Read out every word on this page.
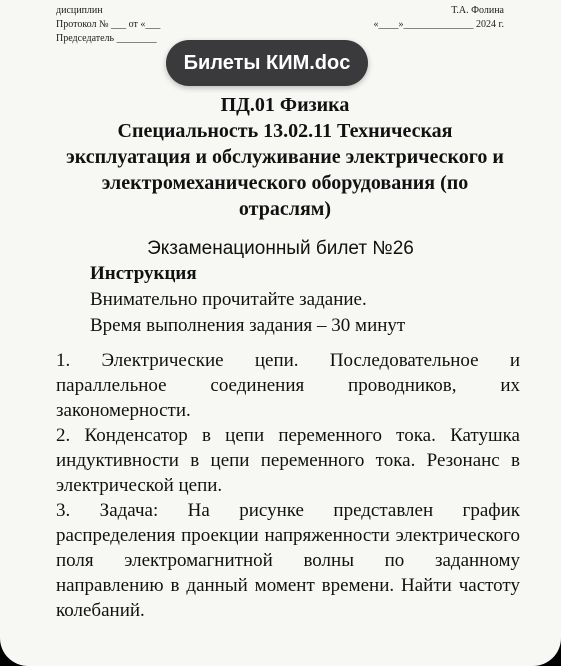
дисциплин	Т.А. Фолина
Протокол № ___ от «___	«____»______________ 2024 г.
Председатель ________
Билеты КИМ.doc
ПД.01 Физика
Специальность 13.02.11 Техническая
эксплуатация и обслуживание электрического и
электромеханического оборудования (по
отраслям)
Экзаменационный билет №26
Инструкция
Внимательно прочитайте задание.
Время выполнения задания – 30 минут

1. Электрические цепи. Последовательное и параллельное соединения проводников, их закономерности.

2. Конденсатор в цепи переменного тока. Катушка индуктивности в цепи переменного тока. Резонанс в электрической цепи.

3. Задача: На рисунке представлен график распределения проекции напряженности электрического поля электромагнитной волны по заданному направлению в данный момент времени. Найти частоту колебаний.
